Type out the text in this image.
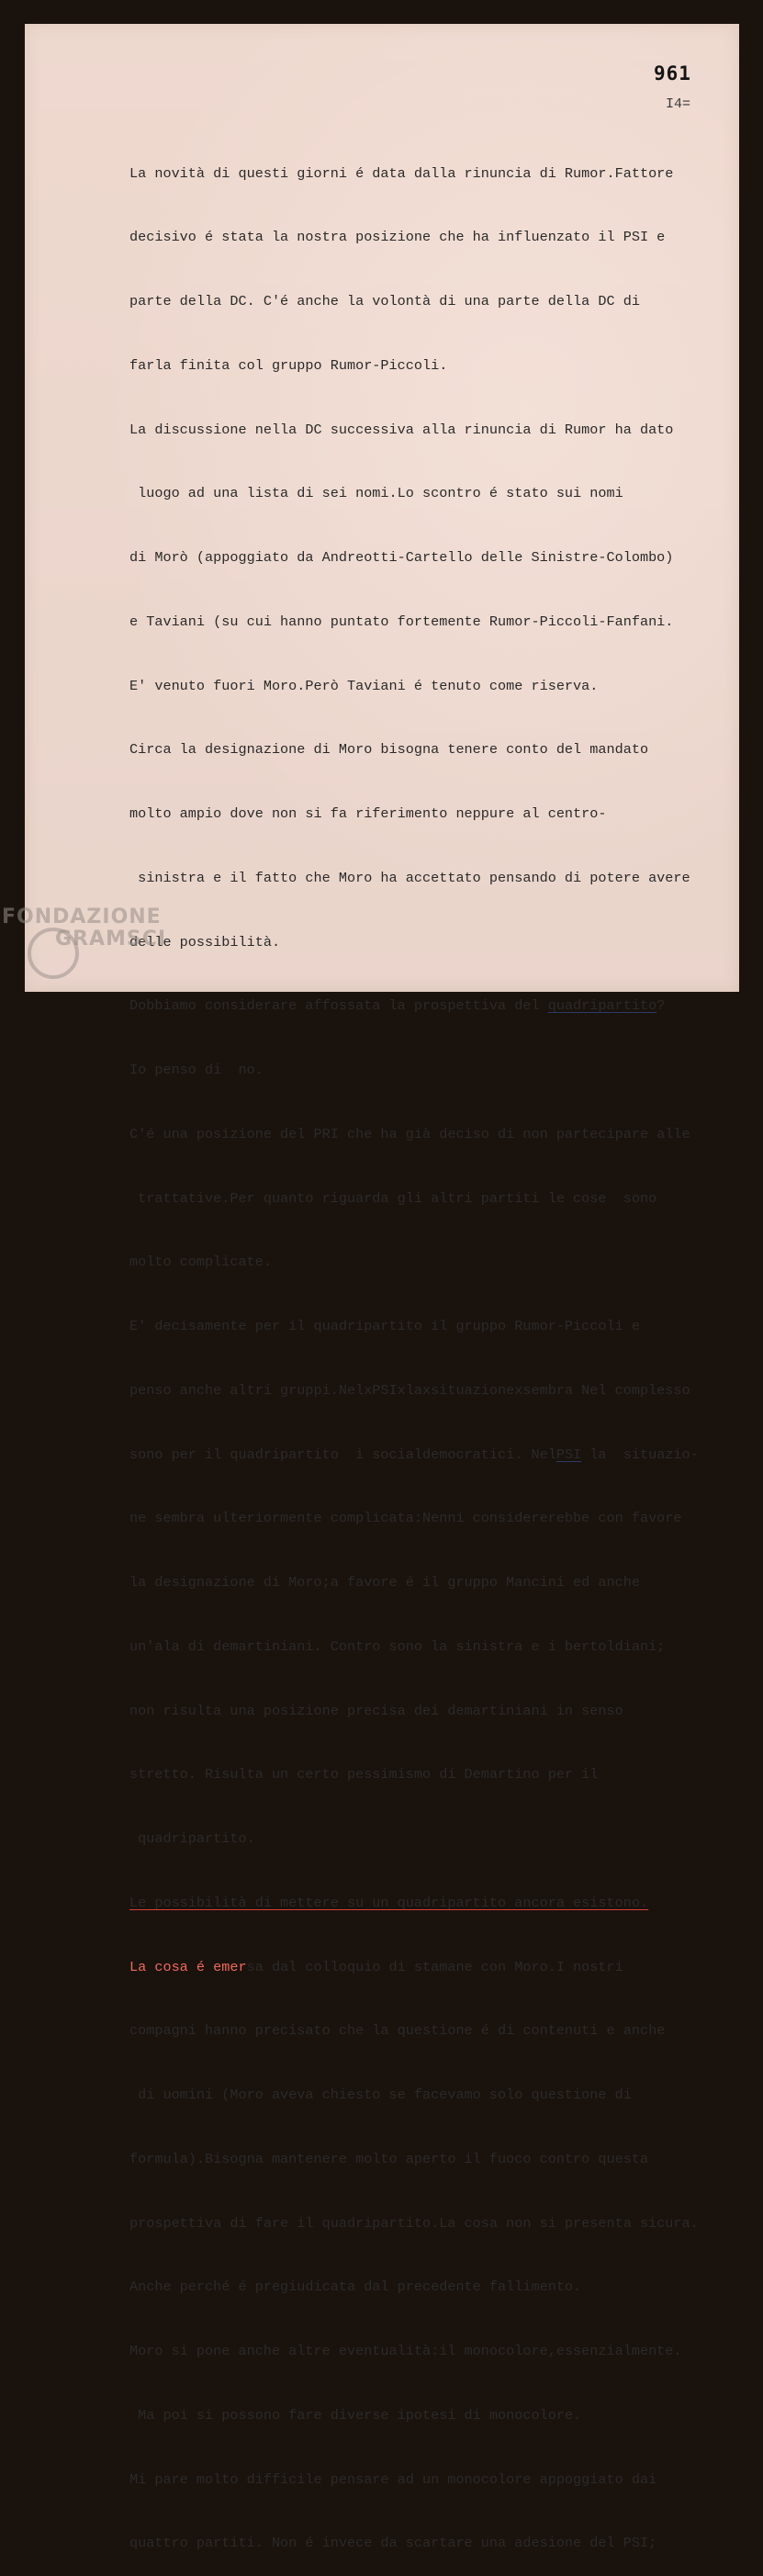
961
I4=

La novità di questi giorni é data dalla rinuncia di Rumor.Fattore

decisivo é stata la nostra posizione che ha influenzato il PSI e

parte della DC. C'é anche la volontà di una parte della DC di

farla finita col gruppo Rumor-Piccoli.

La discussione nella DC successiva alla rinuncia di Rumor ha dato

luogo ad una lista di sei nomi.Lo scontro é stato sui nomi

di Morò (appoggiato da Andreotti-Cartello delle Sinistre-Colombo)

e Taviani (su cui hanno puntato fortemente Rumor-Piccoli-Fanfani.

E' venuto fuori Moro.Però Taviani é tenuto come riserva.

Circa la designazione di Moro bisogna tenere conto del mandato

molto ampio dove non si fa riferimento neppure al centro-

sinistra e il fatto che Moro ha accettato pensando di potere avere

delle possibilità.

Dobbiamo considerare affossata la prospettiva del quadripartito?

Io penso di  no.

C'é una posizione del PRI che ha già deciso di non partecipare alle

trattative.Per quanto riguarda gli altri partiti le cose  sono

molto complicate.

E' decisamente per il quadripartito il gruppo Rumor-Piccoli e

penso anche altri gruppi.NelxPSIxlaxsituazionexsembra Nel complesso

sono per il quadripartito  i socialdemocratici. NelPSI la  situazio-

ne sembra ulteriormente complicata:Nenni considererebbe con favore

la designazione di Moro;a favore é il gruppo Mancini ed anche

un'ala di demartiniani. Contro sono la sinistra e i bertoldiani;

non risulta una posizione precisa dei demartiniani in senso

stretto. Risulta un certo pessimismo di Demartino per il

quadripartito.

Le possibilità di mettere su un quadripartito ancora esistono.

La cosa é emersa dal colloquio di stamane con Moro.I nostri

compagni hanno precisato che la questione é di contenuti e anche

di uomini (Moro aveva chiesto se facevamo solo questione di

formula).Bisogna mantenere molto aperto il fuoco contro questa

prospettiva di fare il quadripartito.La cosa non si presenta sicura.

Anche perché é pregiudicata dal precedente fallimento.

Moro si pone anche altre eventualità:il monocolore,essenzialmente.

Ma poi si possono fare diverse ipotesi di monocolore.

Mi pare molto difficile pensare ad un monocolore appoggiato dai

quattro partiti. Non é invece da scartare una adesione del PSI;

FONDAZIONE
GRAMSCI
